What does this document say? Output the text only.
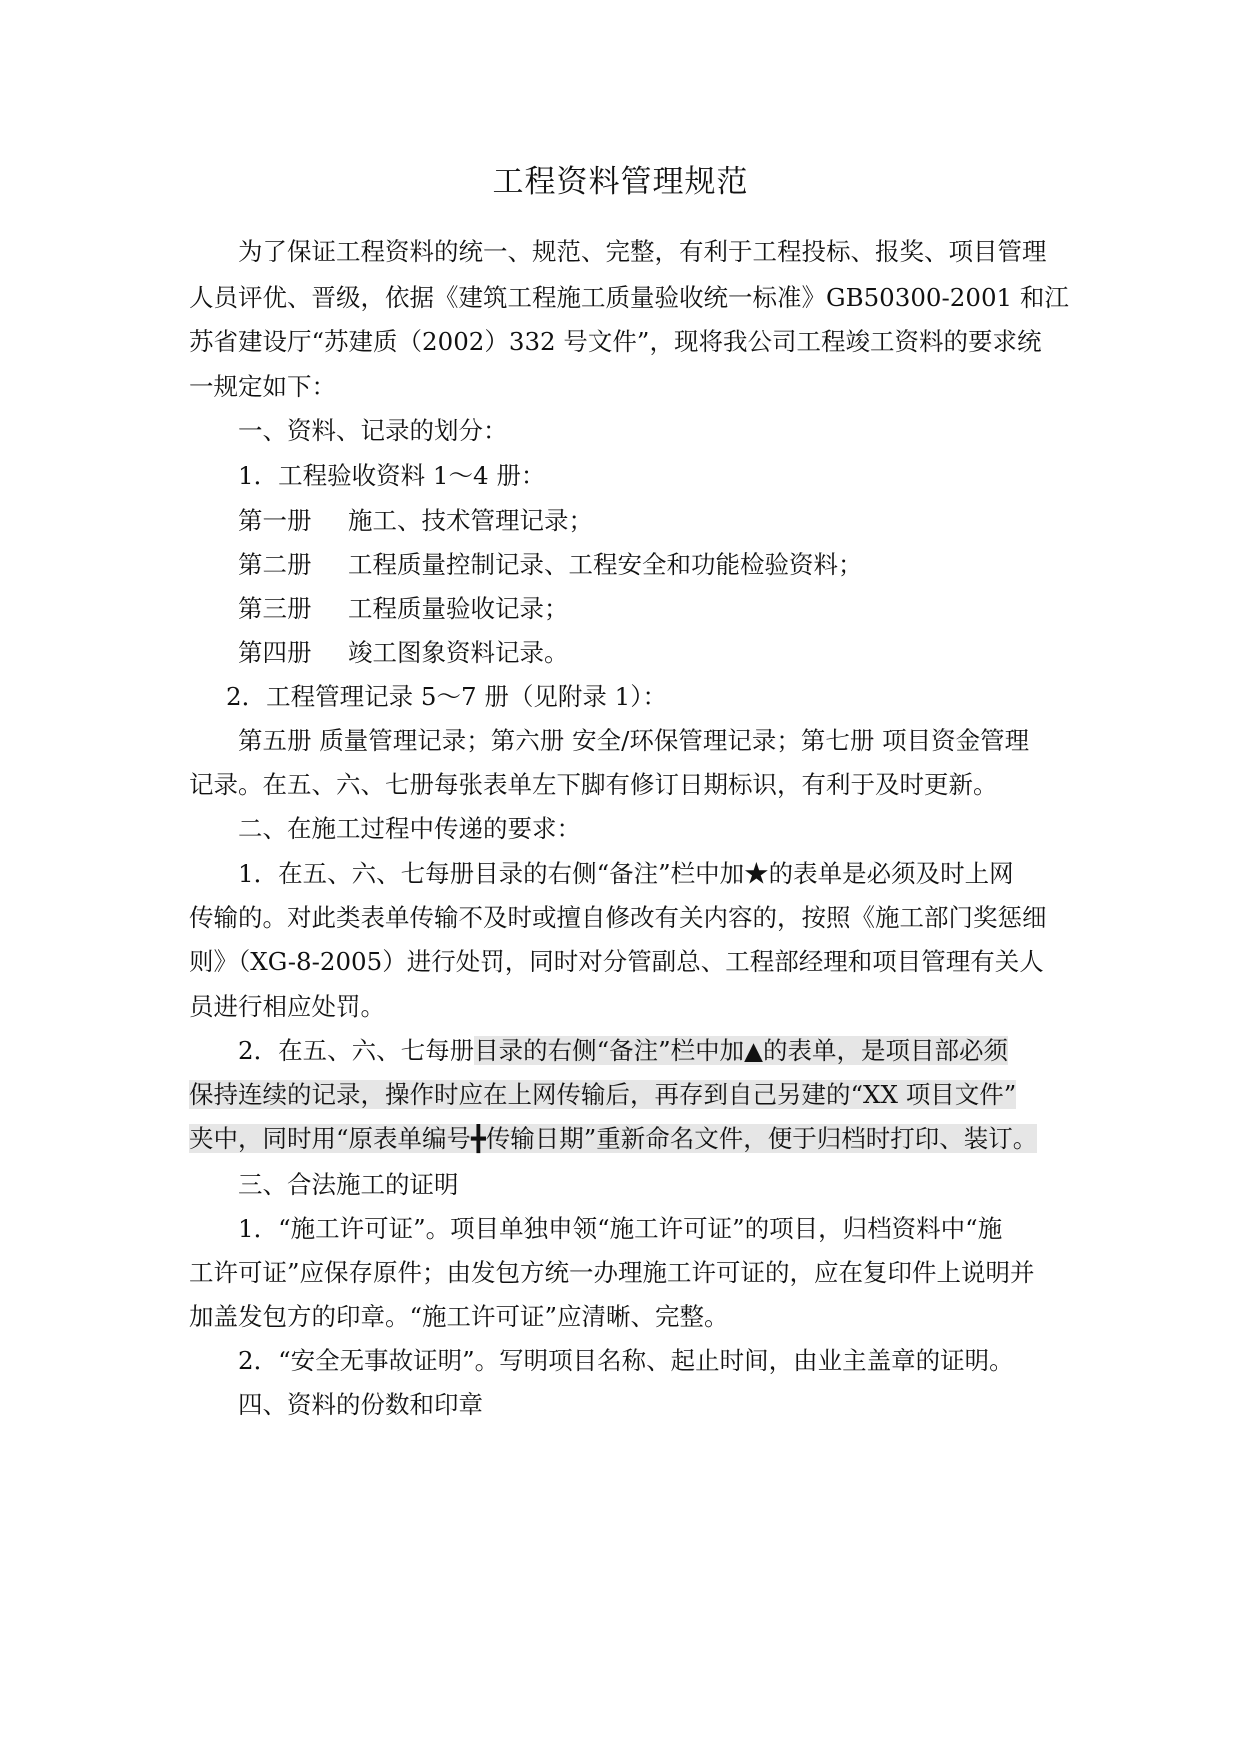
工程资料管理规范
为了保证工程资料的统一、规范、完整，有利于工程投标、报奖、项目管理
人员评优、晋级，依据《建筑工程施工质量验收统一标准》GB50300-2001 和江
苏省建设厅“苏建质（2002）332 号文件”，现将我公司工程竣工资料的要求统
一规定如下：
一、资料、记录的划分：
1．工程验收资料 1～4 册：
第一册 施工、技术管理记录；
第二册 工程质量控制记录、工程安全和功能检验资料；
第三册 工程质量验收记录；
第四册 竣工图象资料记录。
2．工程管理记录 5～7 册（见附录 1）：
第五册 质量管理记录；第六册 安全/环保管理记录；第七册 项目资金管理
记录。在五、六、七册每张表单左下脚有修订日期标识，有利于及时更新。
二、在施工过程中传递的要求：
1．在五、六、七每册目录的右侧“备注”栏中加★的表单是必须及时上网
传输的。对此类表单传输不及时或擅自修改有关内容的，按照《施工部门奖惩细
则》（XG-8-2005）进行处罚，同时对分管副总、工程部经理和项目管理有关人
员进行相应处罚。
2．在五、六、七每册目录的右侧“备注”栏中加▲的表单，是项目部必须
保持连续的记录，操作时应在上网传输后，再存到自己另建的“XX 项目文件”
夹中，同时用“原表单编号╋传输日期”重新命名文件，便于归档时打印、装订。
三、合法施工的证明
1．“施工许可证”。项目单独申领“施工许可证”的项目，归档资料中“施
工许可证”应保存原件；由发包方统一办理施工许可证的，应在复印件上说明并
加盖发包方的印章。“施工许可证”应清晰、完整。
2．“安全无事故证明”。写明项目名称、起止时间，由业主盖章的证明。
四、资料的份数和印章
